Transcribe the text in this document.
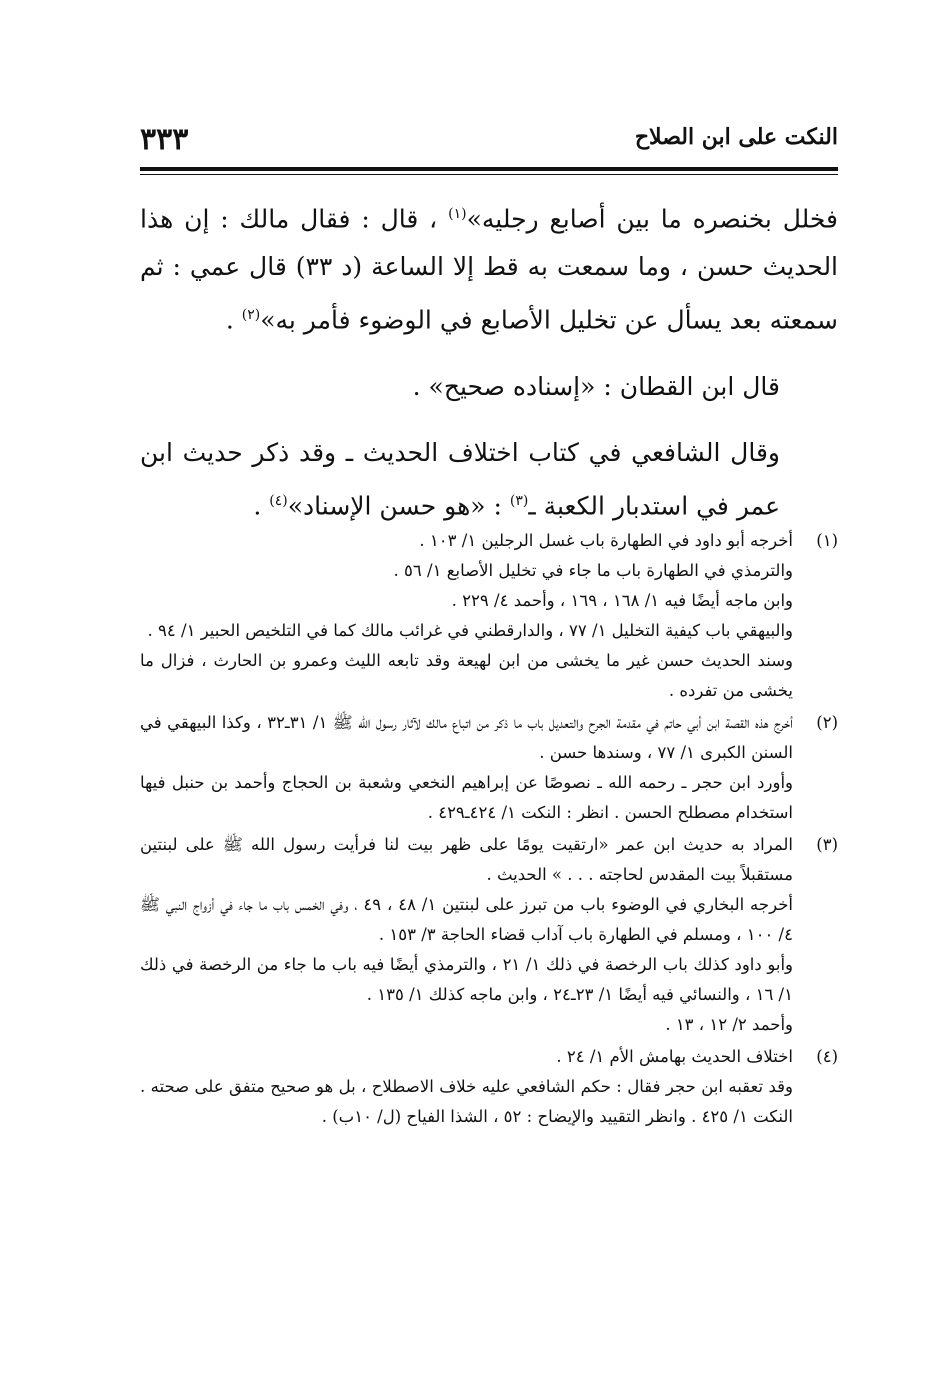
٣٣٣	النكت على ابن الصلاح

فخلل بخنصره ما بين أصابع رجليه»$^{(١)}$ ، قال : فقال مالك : إن هذا الحديث حسن ، وما سمعت به قط إلا الساعة (د ٣٣) قال عمي : ثم سمعته بعد يسأل عن تخليل الأصابع في الوضوء فأمر به»$^{(٢)}$ .

قال ابن القطان : «إسناده صحيح» .

وقال الشافعي في كتاب اختلاف الحديث ـ وقد ذكر حديث ابن عمر في استدبار الكعبة ـ$^{(٣)}$ : «هو حسن الإسناد»$^{(٤)}$ .

(١)
أخرجه أبو داود في الطهارة باب غسل الرجلين ١/ ١٠٣ .
والترمذي في الطهارة باب ما جاء في تخليل الأصابع ١/ ٥٦ .
وابن ماجه أيضًا فيه ١/ ١٦٨ ، ١٦٩ ، وأحمد ٤/ ٢٢٩ .
والبيهقي باب كيفية التخليل ١/ ٧٧ ، والدارقطني في غرائب مالك كما في التلخيص الحبير ١/ ٩٤ .
وسند الحديث حسن غير ما يخشى من ابن لهيعة وقد تابعه الليث وعمرو بن الحارث ، فزال ما يخشى من تفرده .
(٢)
أخرج هذه القصة ابن أبي حاتم في مقدمة الجرح والتعديل باب ما ذكر من اتباع مالك لآثار رسول الله ﷺ ١/ ٣١ـ٣٢ ، وكذا البيهقي في السنن الكبرى ١/ ٧٧ ، وسندها حسن .
وأورد ابن حجر ـ رحمه الله ـ نصوصًا عن إبراهيم النخعي وشعبة بن الحجاج وأحمد بن حنبل فيها استخدام مصطلح الحسن . انظر : النكت ١/ ٤٢٤ـ٤٢٩ .
(٣)
المراد به حديث ابن عمر «ارتقيت يومًا على ظهر بيت لنا فرأيت رسول الله ﷺ على لبنتين مستقبلاً بيت المقدس لحاجته . . . » الحديث .
أخرجه البخاري في الوضوء باب من تبرز على لبنتين ١/ ٤٨ ، ٤٩ ، وفي الخمس باب ما جاء في أزواج النبي ﷺ ٤/ ١٠٠ ، ومسلم في الطهارة باب آداب قضاء الحاجة ٣/ ١٥٣ .
وأبو داود كذلك باب الرخصة في ذلك ١/ ٢١ ، والترمذي أيضًا فيه باب ما جاء من الرخصة في ذلك ١/ ١٦ ، والنسائي فيه أيضًا ١/ ٢٣ـ٢٤ ، وابن ماجه كذلك ١/ ١٣٥ .
وأحمد ٢/ ١٢ ، ١٣ .
(٤)
اختلاف الحديث بهامش الأم ١/ ٢٤ .
وقد تعقبه ابن حجر فقال : حكم الشافعي عليه خلاف الاصطلاح ، بل هو صحيح متفق على صحته . النكت ١/ ٤٢٥ . وانظر التقييد والإيضاح : ٥٢ ، الشذا الفياح (ل/ ١٠ب) .
